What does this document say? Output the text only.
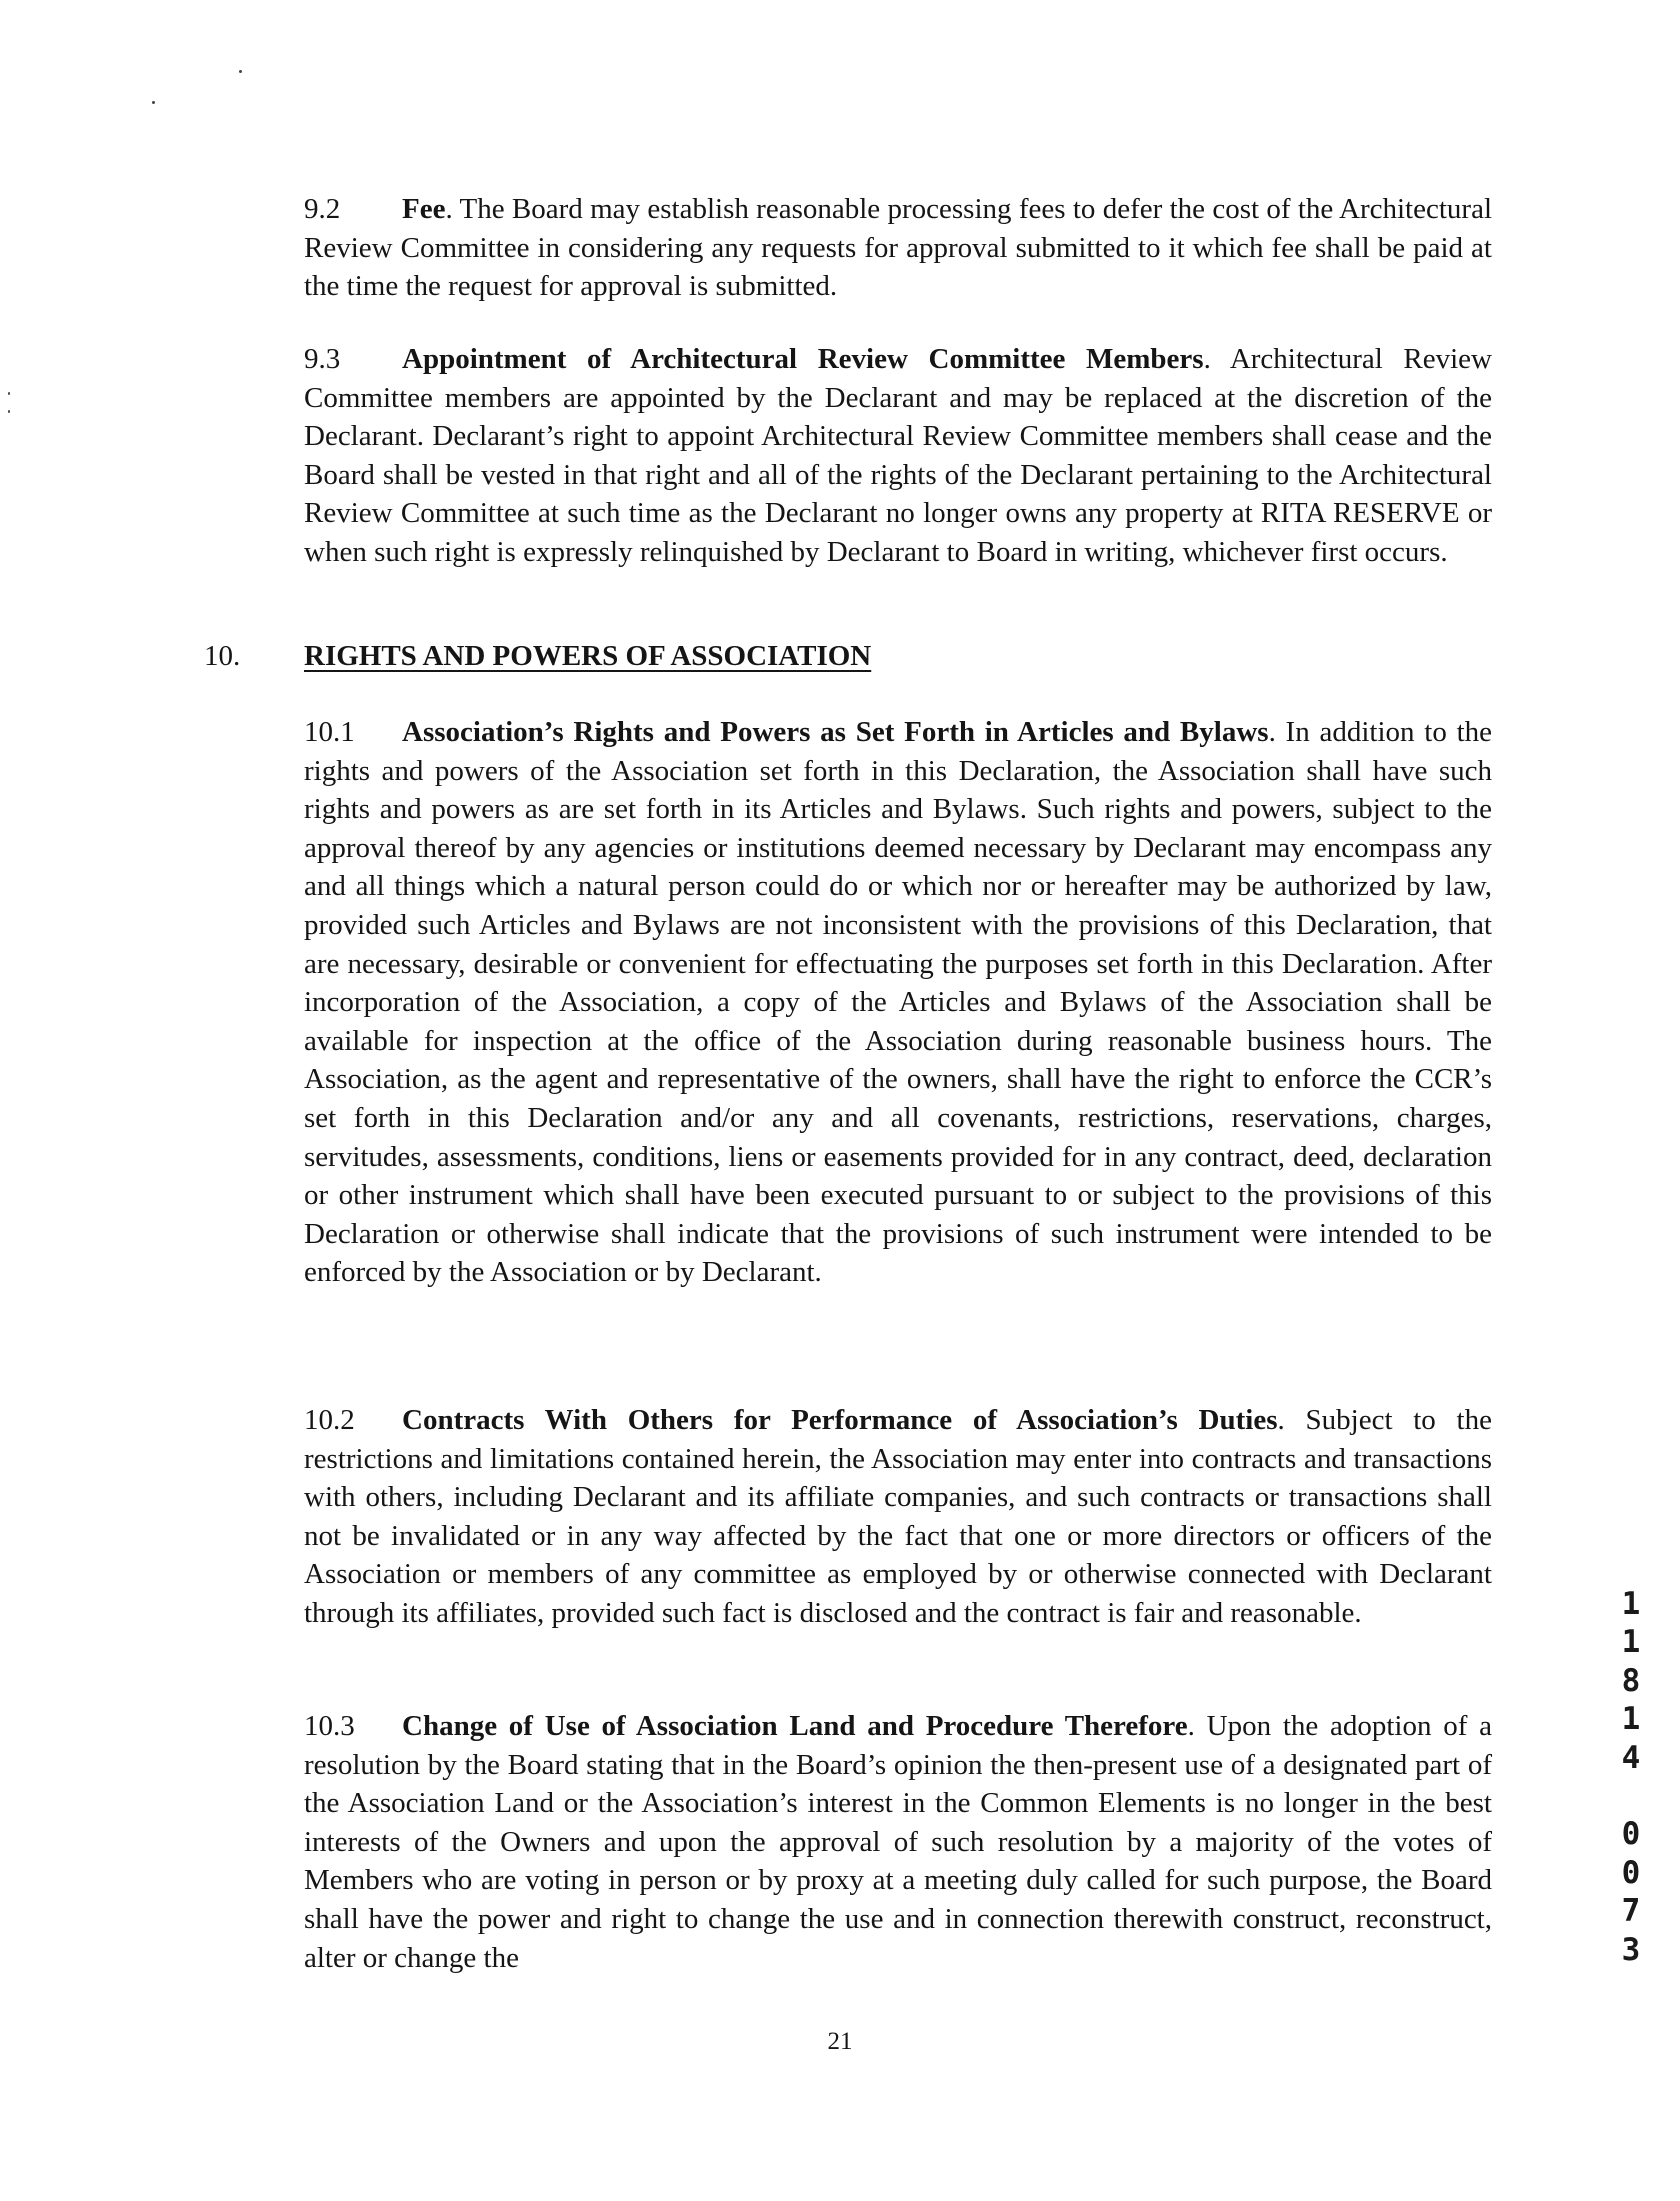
9.2 Fee. The Board may establish reasonable processing fees to defer the cost of the Architectural Review Committee in considering any requests for approval submitted to it which fee shall be paid at the time the request for approval is submitted.
9.3 Appointment of Architectural Review Committee Members. Architectural Review Committee members are appointed by the Declarant and may be replaced at the discretion of the Declarant. Declarant’s right to appoint Architectural Review Committee members shall cease and the Board shall be vested in that right and all of the rights of the Declarant pertaining to the Architectural Review Committee at such time as the Declarant no longer owns any property at RITA RESERVE or when such right is expressly relinquished by Declarant to Board in writing, whichever first occurs.
10. RIGHTS AND POWERS OF ASSOCIATION
10.1 Association’s Rights and Powers as Set Forth in Articles and Bylaws. In addition to the rights and powers of the Association set forth in this Declaration, the Association shall have such rights and powers as are set forth in its Articles and Bylaws. Such rights and powers, subject to the approval thereof by any agencies or institutions deemed necessary by Declarant may encompass any and all things which a natural person could do or which nor or hereafter may be authorized by law, provided such Articles and Bylaws are not inconsistent with the provisions of this Declaration, that are necessary, desirable or convenient for effectuating the purposes set forth in this Declaration. After incorporation of the Association, a copy of the Articles and Bylaws of the Association shall be available for inspection at the office of the Association during reasonable business hours. The Association, as the agent and representative of the owners, shall have the right to enforce the CCR’s set forth in this Declaration and/or any and all covenants, restrictions, reservations, charges, servitudes, assessments, conditions, liens or easements provided for in any contract, deed, declaration or other instrument which shall have been executed pursuant to or subject to the provisions of this Declaration or otherwise shall indicate that the provisions of such instrument were intended to be enforced by the Association or by Declarant.
10.2 Contracts With Others for Performance of Association’s Duties. Subject to the restrictions and limitations contained herein, the Association may enter into contracts and transactions with others, including Declarant and its affiliate companies, and such contracts or transactions shall not be invalidated or in any way affected by the fact that one or more directors or officers of the Association or members of any committee as employed by or otherwise connected with Declarant through its affiliates, provided such fact is disclosed and the contract is fair and reasonable.
10.3 Change of Use of Association Land and Procedure Therefore. Upon the adoption of a resolution by the Board stating that in the Board’s opinion the then-present use of a designated part of the Association Land or the Association’s interest in the Common Elements is no longer in the best interests of the Owners and upon the approval of such resolution by a majority of the votes of Members who are voting in person or by proxy at a meeting duly called for such purpose, the Board shall have the power and right to change the use and in connection therewith construct, reconstruct, alter or change the
1
1
8
1
4

0
0
7
3
21
